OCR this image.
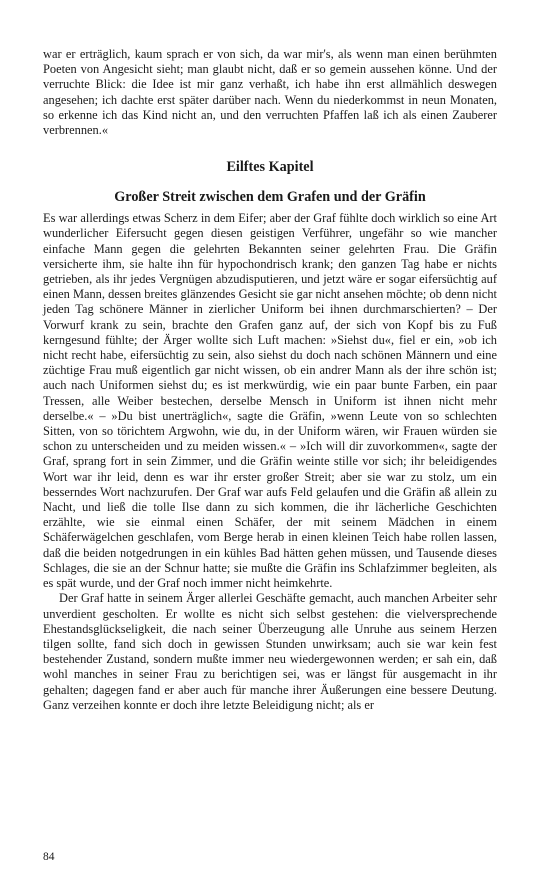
war er erträglich, kaum sprach er von sich, da war mir's, als wenn man einen berühmten Poeten von Angesicht sieht; man glaubt nicht, daß er so gemein aussehen könne. Und der verruchte Blick: die Idee ist mir ganz verhaßt, ich habe ihn erst allmählich deswegen angesehen; ich dachte erst später darüber nach. Wenn du niederkommst in neun Monaten, so erkenne ich das Kind nicht an, und den verruchten Pfaffen laß ich als einen Zauberer verbrennen.«

Eilftes Kapitel
Großer Streit zwischen dem Grafen und der Gräfin

Es war allerdings etwas Scherz in dem Eifer; aber der Graf fühlte doch wirklich so eine Art wunderlicher Eifersucht gegen diesen geistigen Verführer, ungefähr so wie mancher einfache Mann gegen die gelehrten Bekannten seiner gelehrten Frau. Die Gräfin versicherte ihm, sie halte ihn für hypochondrisch krank; den ganzen Tag habe er nichts getrieben, als ihr jedes Vergnügen abzudisputieren, und jetzt wäre er sogar eifersüchtig auf einen Mann, dessen breites glänzendes Gesicht sie gar nicht ansehen möchte; ob denn nicht jeden Tag schönere Männer in zierlicher Uniform bei ihnen durchmarschierten? – Der Vorwurf krank zu sein, brachte den Grafen ganz auf, der sich von Kopf bis zu Fuß kerngesund fühlte; der Ärger wollte sich Luft machen: »Siehst du«, fiel er ein, »ob ich nicht recht habe, eifersüchtig zu sein, also siehst du doch nach schönen Männern und eine züchtige Frau muß eigentlich gar nicht wissen, ob ein andrer Mann als der ihre schön ist; auch nach Uniformen siehst du; es ist merkwürdig, wie ein paar bunte Farben, ein paar Tressen, alle Weiber bestechen, derselbe Mensch in Uniform ist ihnen nicht mehr derselbe.« – »Du bist unerträglich«, sagte die Gräfin, »wenn Leute von so schlechten Sitten, von so törichtem Argwohn, wie du, in der Uniform wären, wir Frauen würden sie schon zu unterscheiden und zu meiden wissen.« – »Ich will dir zuvorkommen«, sagte der Graf, sprang fort in sein Zimmer, und die Gräfin weinte stille vor sich; ihr beleidigendes Wort war ihr leid, denn es war ihr erster großer Streit; aber sie war zu stolz, um ein besserndes Wort nachzurufen. Der Graf war aufs Feld gelaufen und die Gräfin aß allein zu Nacht, und ließ die tolle Ilse dann zu sich kommen, die ihr lächerliche Geschichten erzählte, wie sie einmal einen Schäfer, der mit seinem Mädchen in einem Schäferwägelchen geschlafen, vom Berge herab in einen kleinen Teich habe rollen lassen, daß die beiden notgedrungen in ein kühles Bad hätten gehen müssen, und Tausende dieses Schlages, die sie an der Schnur hatte; sie mußte die Gräfin ins Schlafzimmer begleiten, als es spät wurde, und der Graf noch immer nicht heimkehrte.

Der Graf hatte in seinem Ärger allerlei Geschäfte gemacht, auch manchen Arbeiter sehr unverdient gescholten. Er wollte es nicht sich selbst gestehen: die vielversprechende Ehestandsglückseligkeit, die nach seiner Überzeugung alle Unruhe aus seinem Herzen tilgen sollte, fand sich doch in gewissen Stunden unwirksam; auch sie war kein fest bestehender Zustand, sondern mußte immer neu wiedergewonnen werden; er sah ein, daß wohl manches in seiner Frau zu berichtigen sei, was er längst für ausgemacht in ihr gehalten; dagegen fand er aber auch für manche ihrer Äußerungen eine bessere Deutung. Ganz verzeihen konnte er doch ihre letzte Beleidigung nicht; als er

84
